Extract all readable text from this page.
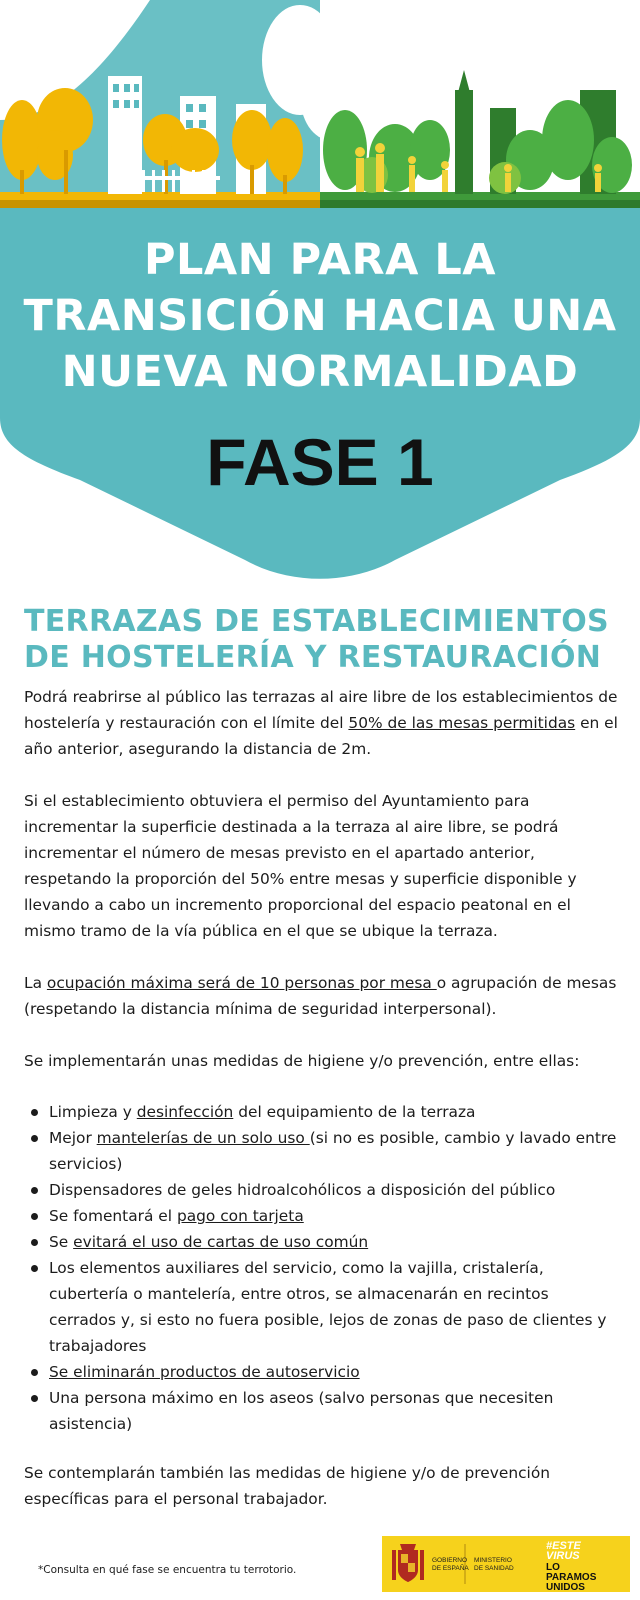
PLAN PARA LA
TRANSICIÓN HACIA UNA
NUEVA NORMALIDAD
FASE 1
TERRAZAS DE ESTABLECIMIENTOS
DE HOSTELERÍA Y RESTAURACIÓN

Podrá reabrirse al público las terrazas al aire libre de los establecimientos de hostelería y restauración con el límite del 50% de las mesas permitidas en el año anterior, asegurando la distancia de 2m.

Si el establecimiento obtuviera el permiso del Ayuntamiento para incrementar la superficie destinada a la terraza al aire libre, se podrá incrementar el número de mesas previsto en el apartado anterior, respetando la proporción del 50% entre mesas y superficie disponible y llevando a cabo un incremento proporcional del espacio peatonal en el mismo tramo de la vía pública en el que se ubique la terraza.

La ocupación máxima será de 10 personas por mesa o agrupación de mesas (respetando la distancia mínima de seguridad interpersonal).

Se implementarán unas medidas de higiene y/o prevención, entre ellas:

Limpieza y desinfección del equipamiento de la terraza
Mejor mantelerías de un solo uso (si no es posible, cambio y lavado entre servicios)
Dispensadores de geles hidroalcohólicos a disposición del público
Se fomentará el pago con tarjeta
Se evitará el uso de cartas de uso común
Los elementos auxiliares del servicio, como la vajilla, cristalería, cubertería o mantelería, entre otros, se almacenarán en recintos cerrados y, si esto no fuera posible, lejos de zonas de paso de clientes y trabajadores
Se eliminarán productos de autoservicio
Una persona máximo en los aseos (salvo personas que necesiten asistencia)

Se contemplarán también las medidas de higiene y/o de prevención específicas para el personal trabajador.

*Consulta en qué fase se encuentra tu terrotorio.
GOBIERNO
DE ESPAÑA
MINISTERIO
DE SANIDAD
#ESTE
VIRUS
LO
PARAMOS
UNIDOS
